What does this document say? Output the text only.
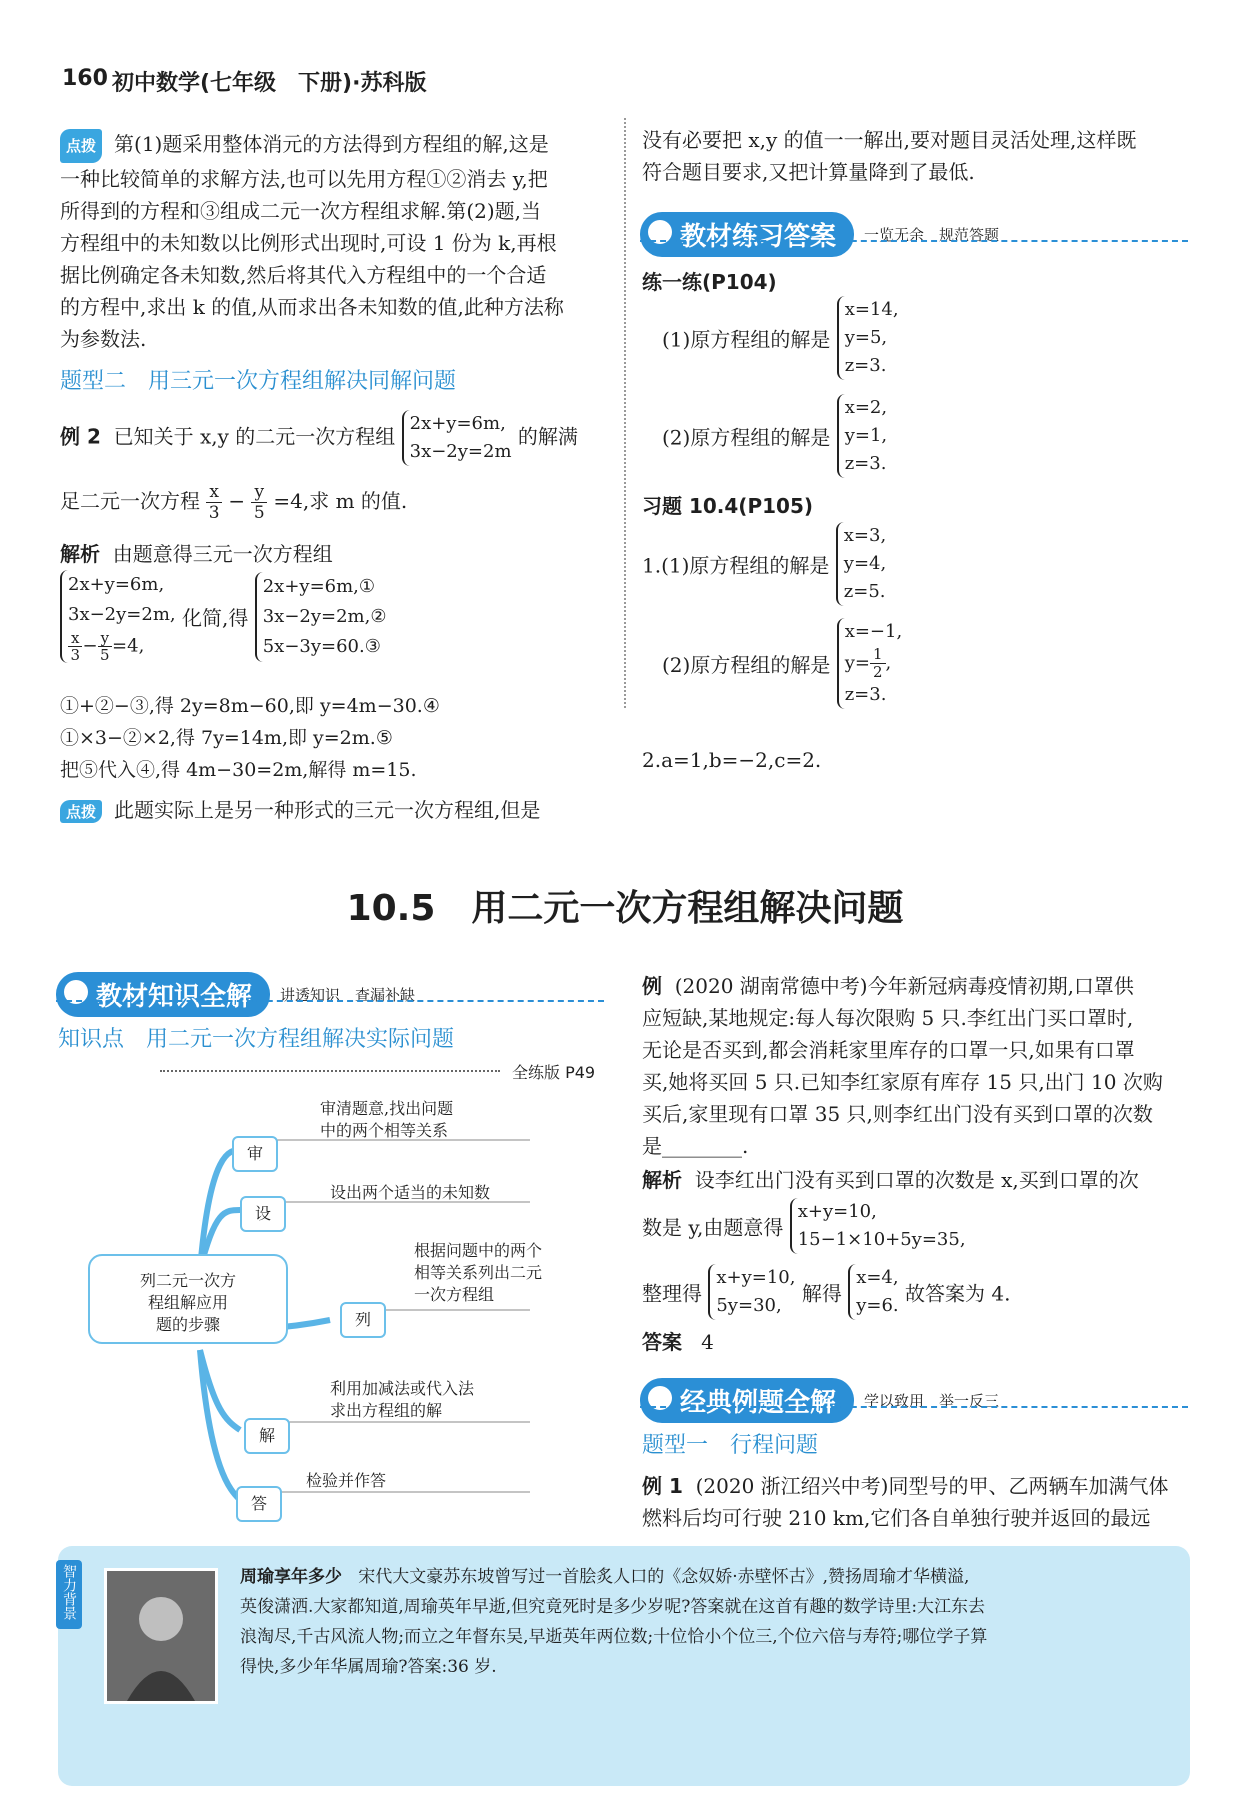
160 初中数学(七年级　下册)·苏科版
点拨 第(1)题采用整体消元的方法得到方程组的解,这是
一种比较简单的求解方法,也可以先用方程①②消去 y,把
所得到的方程和③组成二元一次方程组求解.第(2)题,当
方程组中的未知数以比例形式出现时,可设 1 份为 k,再根
据比例确定各未知数,然后将其代入方程组中的一个合适
的方程中,求出 k 的值,从而求出各未知数的值,此种方法称
为参数法.
题型二　用三元一次方程组解决同解问题
例 2 已知关于 x,y 的二元一次方程组
2x+y=6m,
3x−2y=2m
的解满
足二元一次方程 $\frac{x}{3} - \frac{y}{5} =4$,求 m 的值.
解析 由题意得三元一次方程组
2x+y=6m,
3x−2y=2m,
$\frac{x}{3} - \frac{y}{5} =4$,
化简,得
2x+y=6m,①
3x−2y=2m,②
5x−3y=60.③
①+②−③,得 2y=8m−60,即 y=4m−30.④
①×3−②×2,得 7y=14m,即 y=2m.⑤
把⑤代入④,得 4m−30=2m,解得 m=15.
点拨 此题实际上是另一种形式的三元一次方程组,但是
没有必要把 x,y 的值一一解出,要对题目灵活处理,这样既
符合题目要求,又把计算量降到了最低.
教材练习答案	一览无余　规范答题
练一练(P104)
(1)原方程组的解是
x=14,
y=5,
z=3.
(2)原方程组的解是
x=2,
y=1,
z=3.
习题 10.4(P105)
1.(1)原方程组的解是
x=3,
y=4,
z=5.
(2)原方程组的解是
x=−1,
$y= \frac{1}{2}$ ,
z=3.
2.a=1,b=−2,c=2.
10.5　用二元一次方程组解决问题
教材知识全解	讲透知识　查漏补缺
知识点　用二元一次方程组解决实际问题
全练版 P49
列二元一次方
程组解应用
题的步骤
审
审清题意,找出问题
中的两个相等关系
设
设出两个适当的未知数
列
根据问题中的两个
相等关系列出二元
一次方程组
解
利用加减法或代入法
求出方程组的解
答
检验并作答
例 (2020 湖南常德中考)今年新冠病毒疫情初期,口罩供
应短缺,某地规定:每人每次限购 5 只.李红出门买口罩时,
无论是否买到,都会消耗家里库存的口罩一只,如果有口罩
买,她将买回 5 只.已知李红家原有库存 15 只,出门 10 次购
买后,家里现有口罩 35 只,则李红出门没有买到口罩的次数
是________.
解析 设李红出门没有买到口罩的次数是 x,买到口罩的次
数是 y,由题意得
x+y=10,
15−1×10+5y=35,
整理得
x+y=10,
5y=30,	解得
x=4,
y=6. 故答案为 4.
答案 4
经典例题全解	学以致用　举一反三
题型一　行程问题
例 1 (2020 浙江绍兴中考)同型号的甲、乙两辆车加满气体
燃料后均可行驶 210 km,它们各自单独行驶并返回的最远
智力背景	周瑜享年多少 宋代大文豪苏东坡曾写过一首脍炙人口的《念奴娇·赤壁怀古》,赞扬周瑜才华横溢,
英俊潇洒.大家都知道,周瑜英年早逝,但究竟死时是多少岁呢?答案就在这首有趣的数学诗里:大江东去
浪淘尽,千古风流人物;而立之年督东吴,早逝英年两位数;十位恰小个位三,个位六倍与寿符;哪位学子算
得快,多少年华属周瑜?答案:36 岁.
